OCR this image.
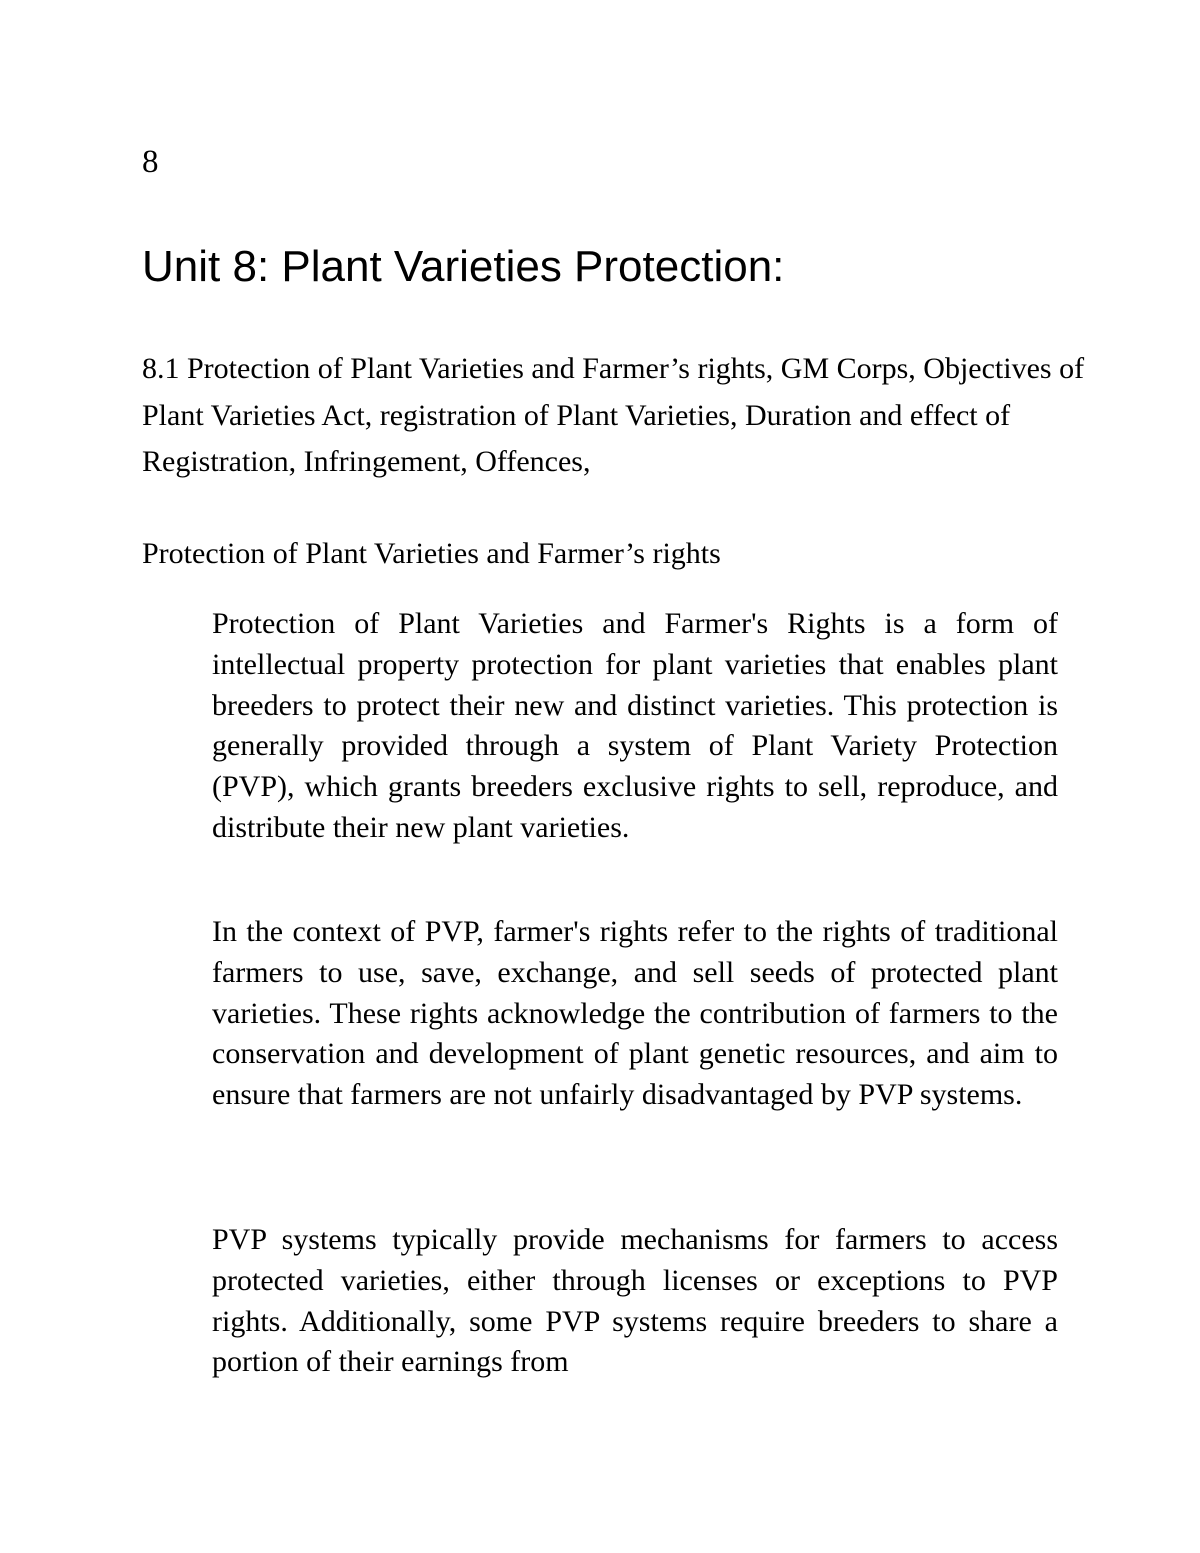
8
Unit 8: Plant Varieties Protection:

8.1 Protection of Plant Varieties and Farmer’s rights, GM Corps, Objectives of Plant Varieties Act, registration of Plant Varieties, Duration and effect of Registration, Infringement, Offences,

Protection of Plant Varieties and Farmer’s rights

Protection of Plant Varieties and Farmer's Rights is a form of intellectual property protection for plant varieties that enables plant breeders to protect their new and distinct varieties. This protection is generally provided through a system of Plant Variety Protection (PVP), which grants breeders exclusive rights to sell, reproduce, and distribute their new plant varieties.

In the context of PVP, farmer's rights refer to the rights of traditional farmers to use, save, exchange, and sell seeds of protected plant varieties. These rights acknowledge the contribution of farmers to the conservation and development of plant genetic resources, and aim to ensure that farmers are not unfairly disadvantaged by PVP systems.

PVP systems typically provide mechanisms for farmers to access protected varieties, either through licenses or exceptions to PVP rights. Additionally, some PVP systems require breeders to share a portion of their earnings from
